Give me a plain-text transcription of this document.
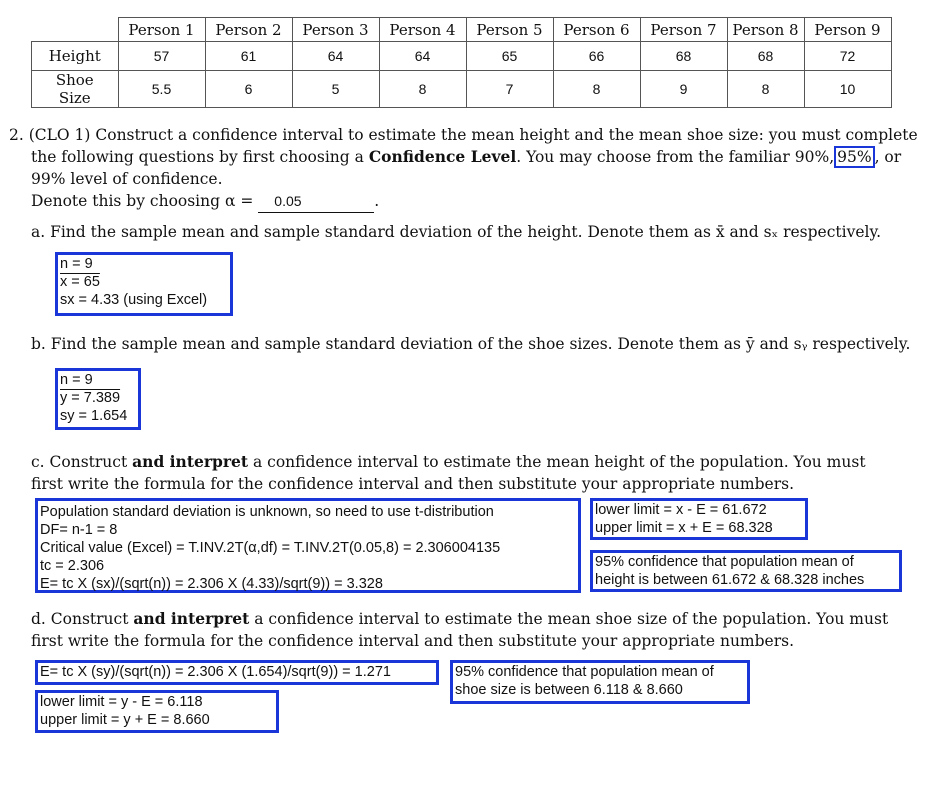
	Person 1	Person 2	Person 3	Person 4	Person 5	Person 6	Person 7	Person 8	Person 9
Height	57	61	64	64	65	66	68	68	72
Shoe Size	5.5	6	5	8	7	8	9	8	10
2. (CLO 1) Construct a confidence interval to estimate the mean height and the mean shoe size: you must complete
the following questions by first choosing a Confidence Level. You may choose from the familiar 90%, 95% , or
99% level of confidence.
Denote this by choosing α = 0.05	.
a. Find the sample mean and sample standard deviation of the height. Denote them as x̄ and sₓ respectively.
n = 9
x = 65
sx = 4.33 (using Excel)
b. Find the sample mean and sample standard deviation of the shoe sizes. Denote them as ȳ and sᵧ respectively.
n = 9
y = 7.389
sy = 1.654
c. Construct and interpret a confidence interval to estimate the mean height of the population. You must
first write the formula for the confidence interval and then substitute your appropriate numbers.
Population standard deviation is unknown, so need to use t-distribution
DF= n-1 = 8
Critical value (Excel) = T.INV.2T(α,df) = T.INV.2T(0.05,8) = 2.306004135
tc = 2.306
E= tc X (sx)/(sqrt(n)) = 2.306 X (4.33)/sqrt(9)) = 3.328
lower limit = x - E = 61.672
upper limit = x + E = 68.328
95% confidence that population mean of
height is between 61.672 & 68.328 inches
d. Construct and interpret a confidence interval to estimate the mean shoe size of the population. You must
first write the formula for the confidence interval and then substitute your appropriate numbers.
E= tc X (sy)/(sqrt(n)) = 2.306 X (1.654)/sqrt(9)) = 1.271	95% confidence that population mean of
shoe size is between 6.118 & 8.660
lower limit = y - E = 6.118
upper limit = y + E = 8.660
